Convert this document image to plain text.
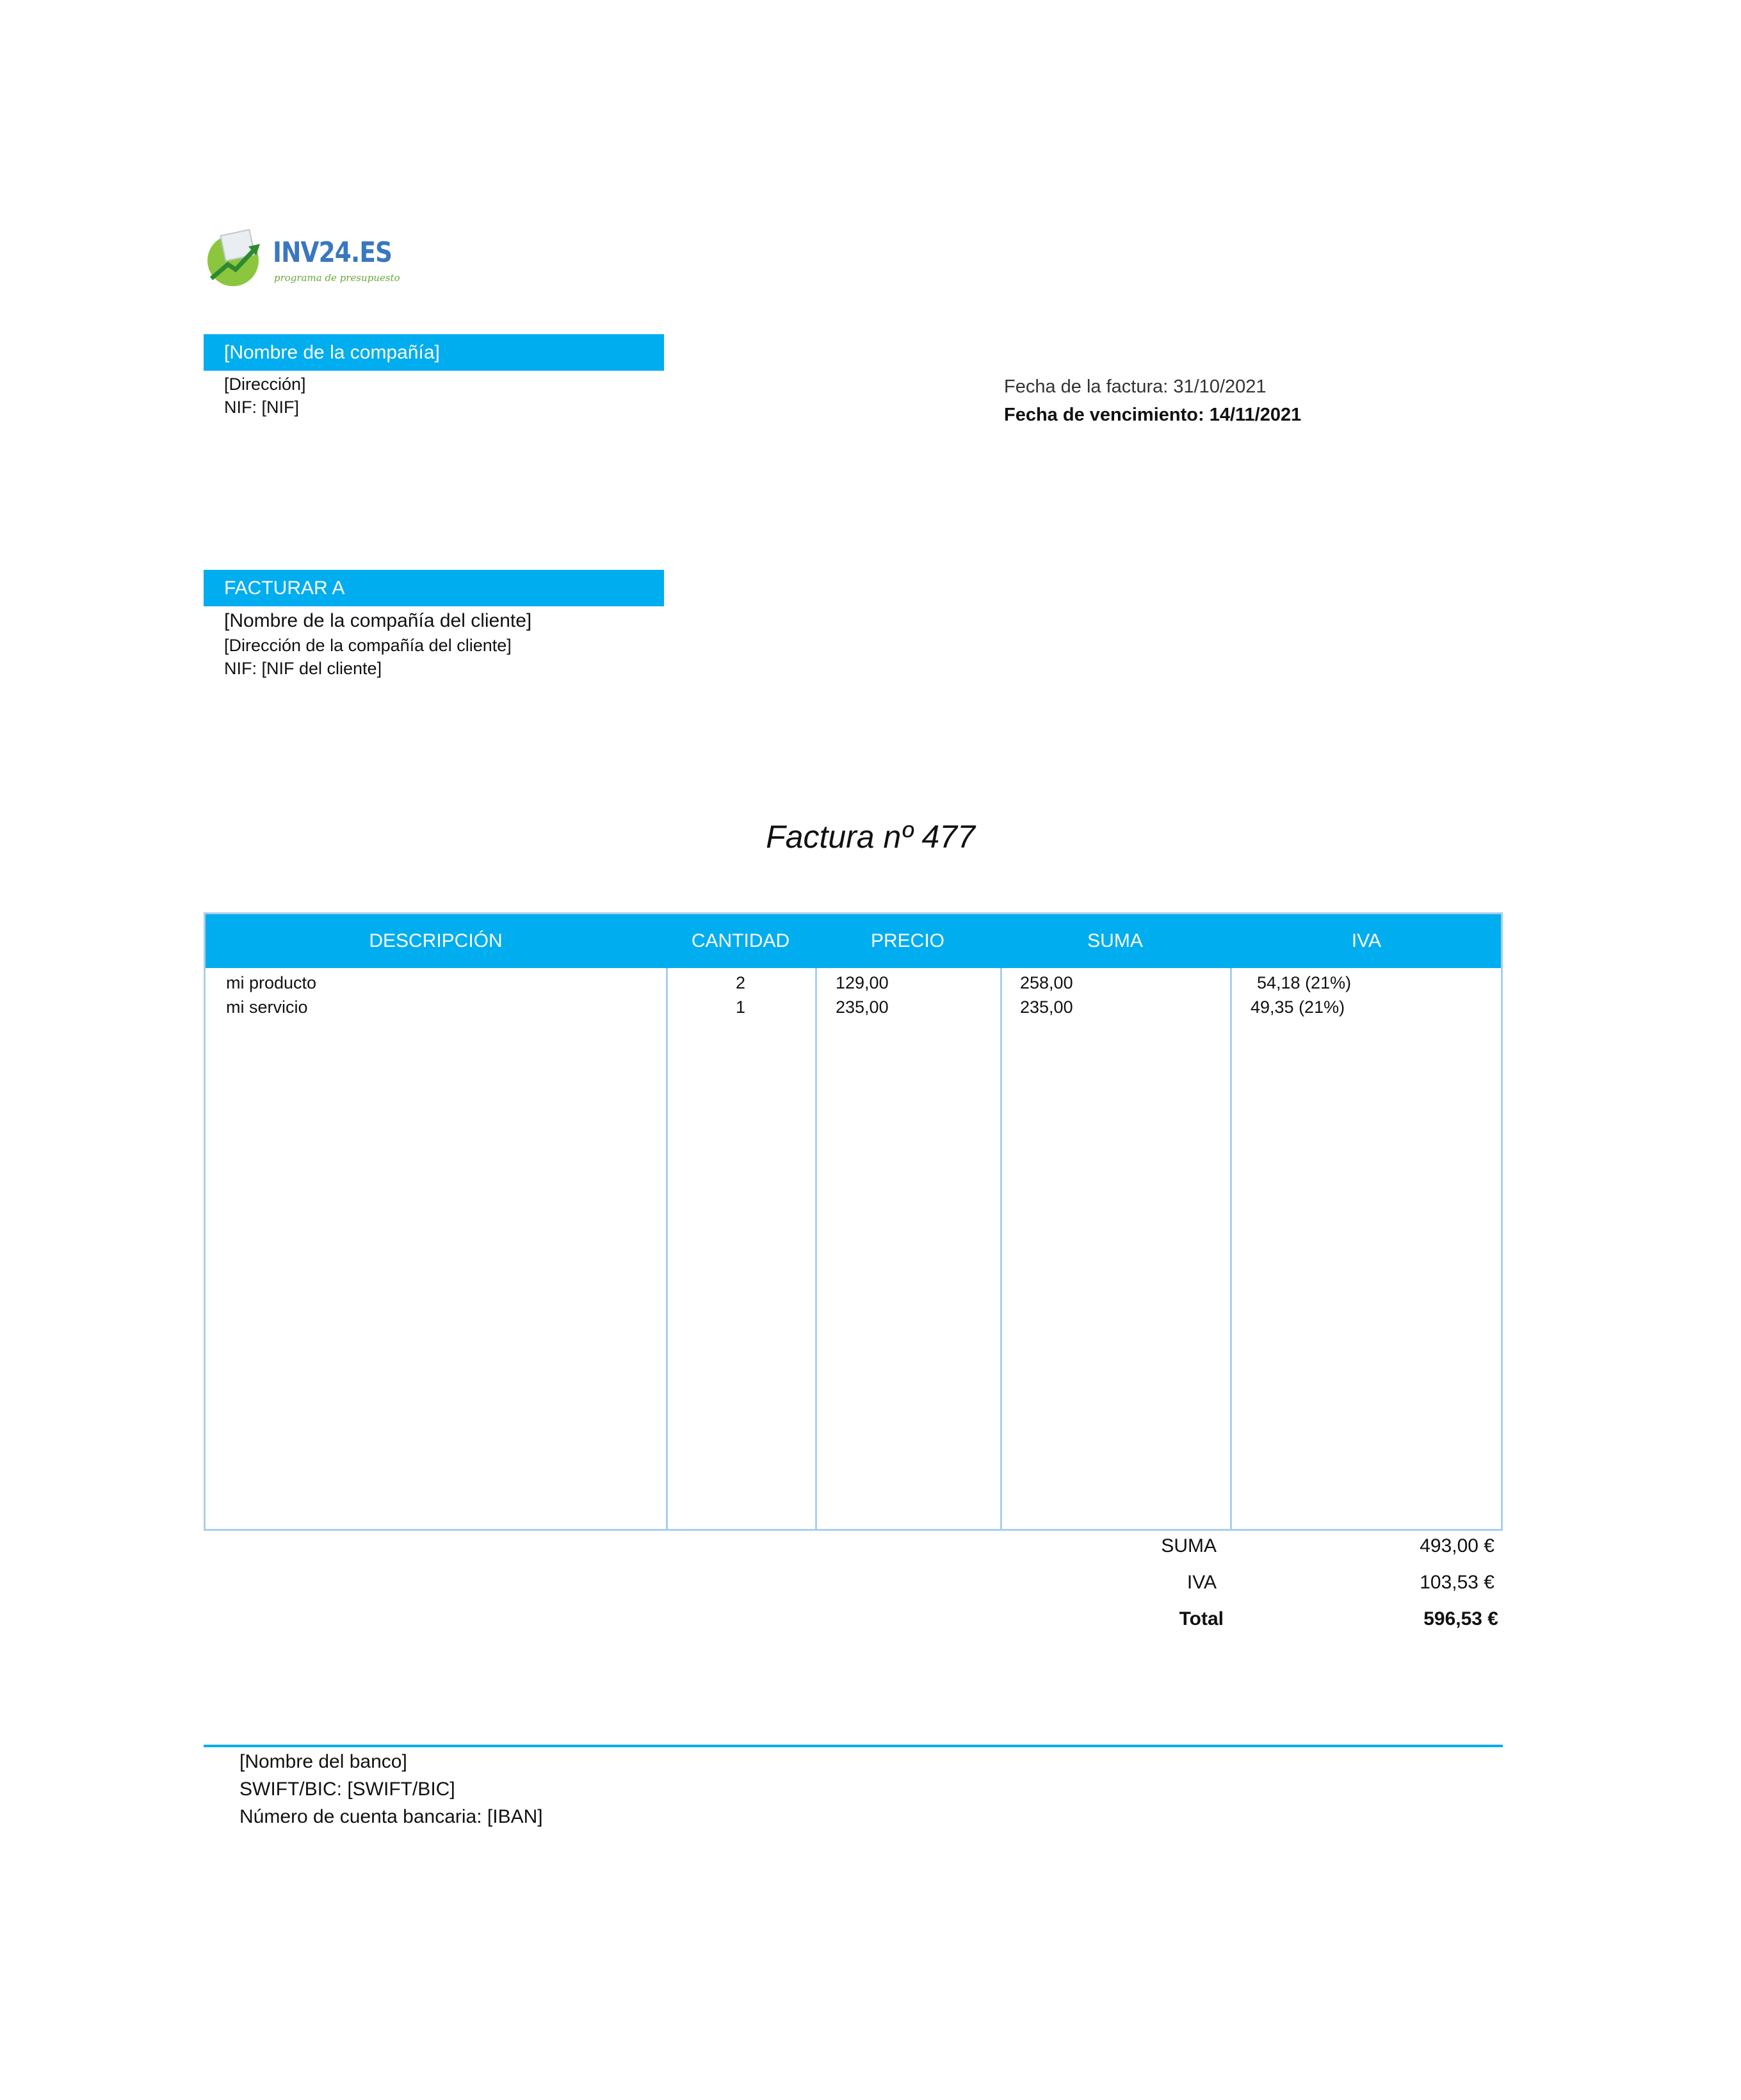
INV24.ES
programa de presupuesto
[Nombre de la compañía]
[Dirección]
NIF: [NIF]
Fecha de la factura: 31/10/2021
Fecha de vencimiento: 14/11/2021
FACTURAR A
[Nombre de la compañía del cliente]
[Dirección de la compañía del cliente]
NIF: [NIF del cliente]
Factura nº 477
DESCRIPCIÓN	CANTIDAD	PRECIO	SUMA	IVA
mi producto	2	129,00	258,00	54,18 (21%)
mi servicio	1	235,00	235,00	49,35 (21%)
SUMA	493,00 €
IVA	103,53 €
Total	596,53 €
[Nombre del banco]
SWIFT/BIC: [SWIFT/BIC]
Número de cuenta bancaria: [IBAN]
